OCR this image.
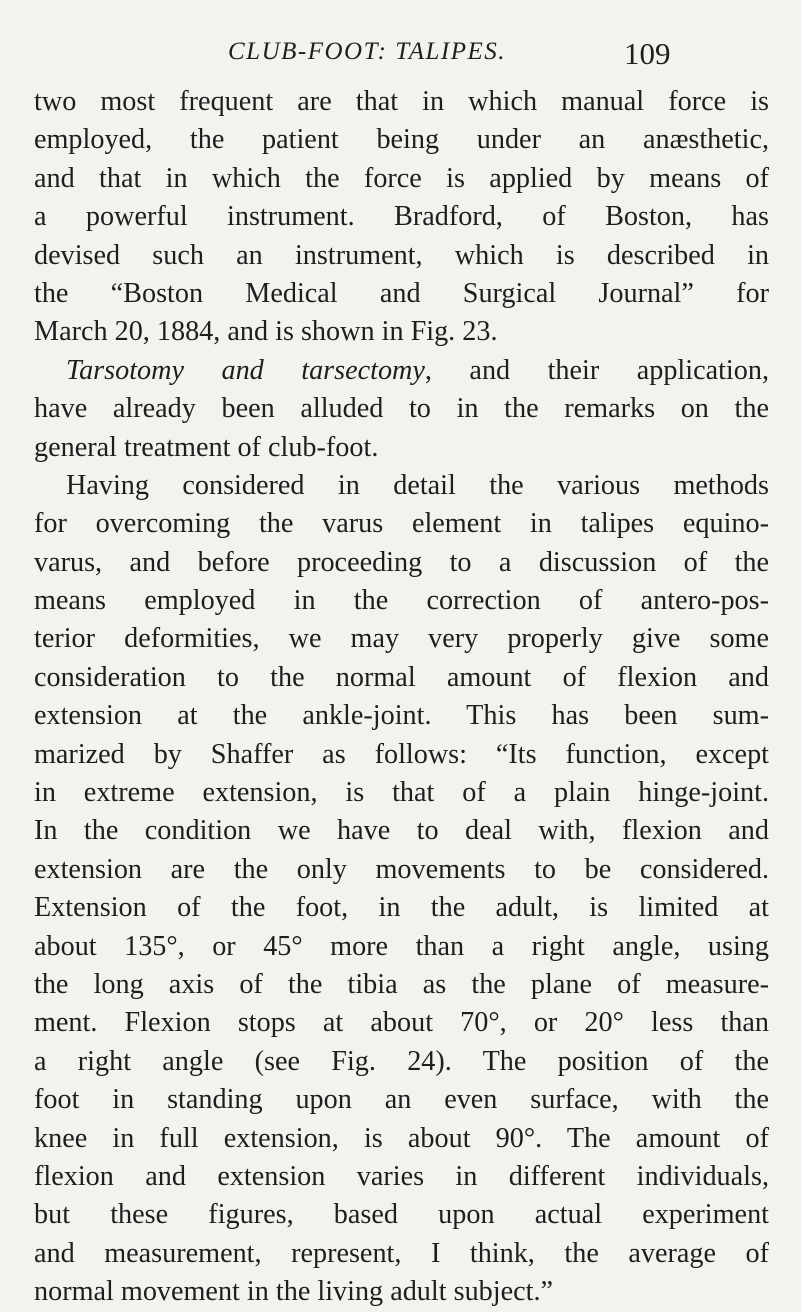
CLUB-FOOT: TALIPES.	109
two most frequent are that in which manual force is
employed, the patient being under an anæsthetic,
and that in which the force is applied by means of
a powerful instrument. Bradford, of Boston, has
devised such an instrument, which is described in
the “Boston Medical and Surgical Journal” for
March 20, 1884, and is shown in Fig. 23.
Tarsotomy and tarsectomy, and their application,
have already been alluded to in the remarks on the
general treatment of club-foot.
Having considered in detail the various methods
for overcoming the varus element in talipes equino-
varus, and before proceeding to a discussion of the
means employed in the correction of antero-pos-
terior deformities, we may very properly give some
consideration to the normal amount of flexion and
extension at the ankle-joint. This has been sum-
marized by Shaffer as follows: “Its function, except
in extreme extension, is that of a plain hinge-joint.
In the condition we have to deal with, flexion and
extension are the only movements to be considered.
Extension of the foot, in the adult, is limited at
about 135°, or 45° more than a right angle, using
the long axis of the tibia as the plane of measure-
ment. Flexion stops at about 70°, or 20° less than
a right angle (see Fig. 24). The position of the
foot in standing upon an even surface, with the
knee in full extension, is about 90°. The amount of
flexion and extension varies in different individuals,
but these figures, based upon actual experiment
and measurement, represent, I think, the average of
normal movement in the living adult subject.”
